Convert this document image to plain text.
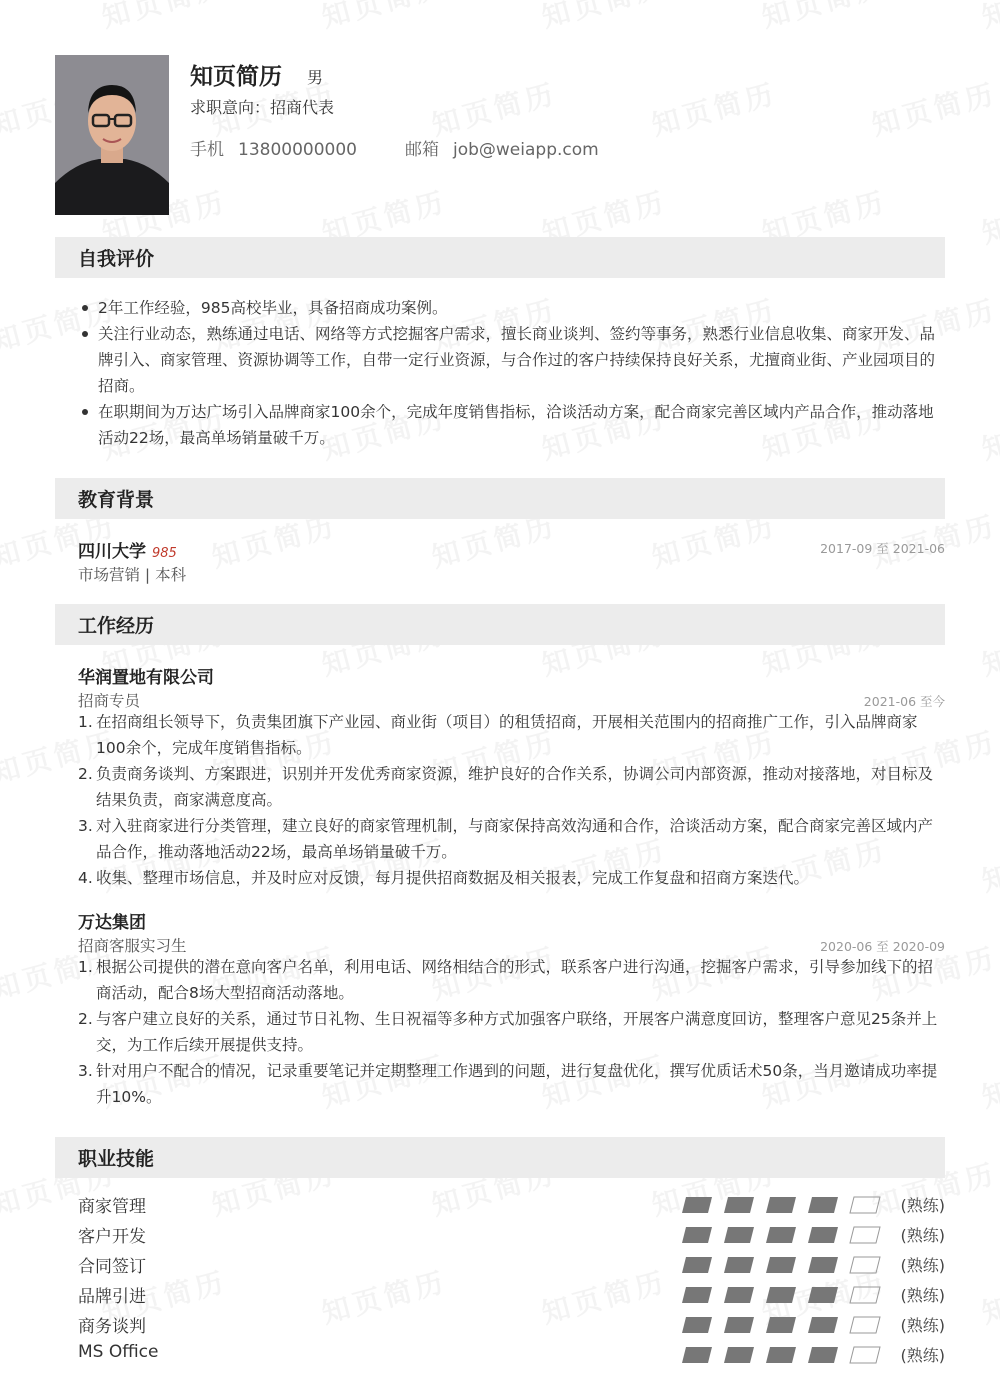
知页简历 男
求职意向：招商代表
手机 13800000000	邮箱 job@weiapp.com
自我评价
2年工作经验，985高校毕业，具备招商成功案例。
关注行业动态，熟练通过电话、网络等方式挖掘客户需求，擅长商业谈判、签约等事务，熟悉行业信息收集、商家开发、品牌引入、商家管理、资源协调等工作，自带一定行业资源，与合作过的客户持续保持良好关系，尤擅商业街、产业园项目的招商。
在职期间为万达广场引入品牌商家100余个，完成年度销售指标，洽谈活动方案，配合商家完善区域内产品合作，推动落地活动22场，最高单场销量破千万。
教育背景
四川大学 985	2017-09 至 2021-06
市场营销 | 本科
工作经历
华润置地有限公司
招商专员	2021-06 至今
1. 在招商组长领导下，负责集团旗下产业园、商业街（项目）的租赁招商，开展相关范围内的招商推广工作，引入品牌商家100余个，完成年度销售指标。
2. 负责商务谈判、方案跟进，识别并开发优秀商家资源，维护良好的合作关系，协调公司内部资源，推动对接落地，对目标及结果负责，商家满意度高。
3. 对入驻商家进行分类管理，建立良好的商家管理机制，与商家保持高效沟通和合作，洽谈活动方案，配合商家完善区域内产品合作，推动落地活动22场，最高单场销量破千万。
4. 收集、整理市场信息，并及时应对反馈，每月提供招商数据及相关报表，完成工作复盘和招商方案迭代。
万达集团
招商客服实习生	2020-06 至 2020-09
1. 根据公司提供的潜在意向客户名单，利用电话、网络相结合的形式，联系客户进行沟通，挖掘客户需求，引导参加线下的招商活动，配合8场大型招商活动落地。
2. 与客户建立良好的关系，通过节日礼物、生日祝福等多种方式加强客户联络，开展客户满意度回访，整理客户意见25条并上交，为工作后续开展提供支持。
3. 针对用户不配合的情况，记录重要笔记并定期整理工作遇到的问题，进行复盘优化，撰写优质话术50条，当月邀请成功率提升10%。
职业技能
商家管理	(熟练)
客户开发	(熟练)
合同签订	(熟练)
品牌引进	(熟练)
商务谈判	(熟练)
MS Office	(熟练)
